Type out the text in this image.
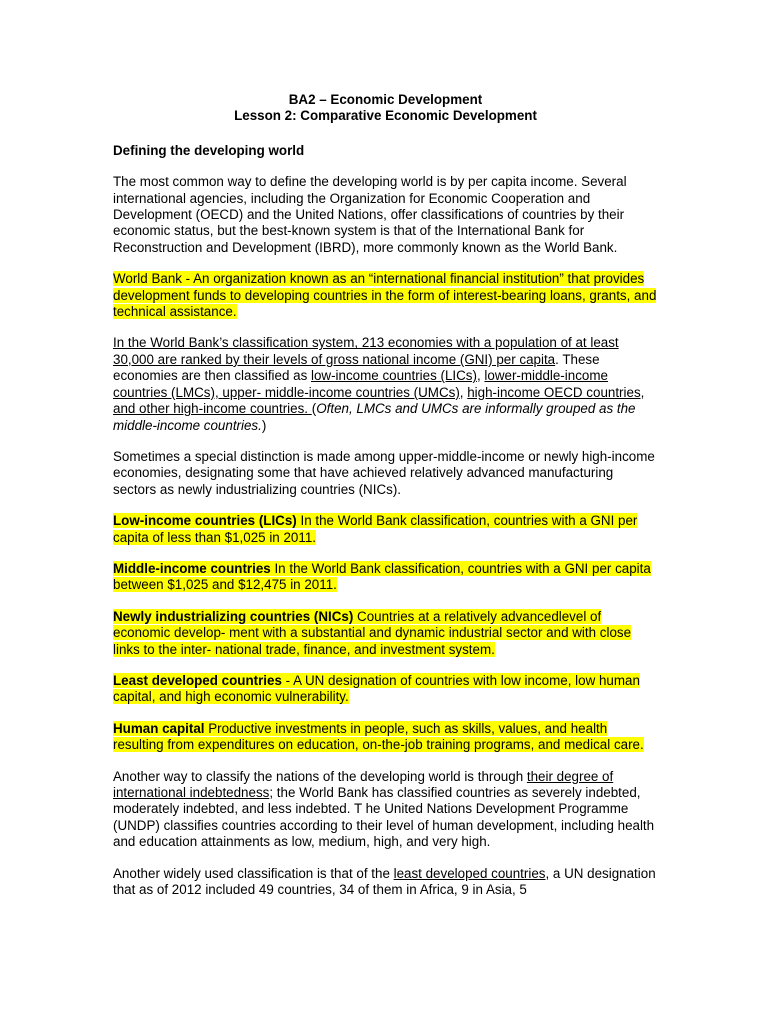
BA2 – Economic Development
Lesson 2: Comparative Economic Development
Defining the developing world

The most common way to define the developing world is by per capita income. Several international agencies, including the Organization for Economic Cooperation and Development (OECD) and the United Nations, offer classifications of countries by their economic status, but the best-known system is that of the International Bank for Reconstruction and Development (IBRD), more commonly known as the World Bank.

World Bank - An organization known as an “international financial institution” that provides development funds to developing countries in the form of interest-bearing loans, grants, and technical assistance.

In the World Bank’s classification system, 213 economies with a population of at least 30,000 are ranked by their levels of gross national income (GNI) per capita. These economies are then classified as low-income countries (LICs), lower-middle-income countries (LMCs), upper- middle-income countries (UMCs), high-income OECD countries, and other high-income countries. (Often, LMCs and UMCs are informally grouped as the middle-income countries.)

Sometimes a special distinction is made among upper-middle-income or newly high-income economies, designating some that have achieved relatively advanced manufacturing sectors as newly industrializing countries (NICs).

Low-income countries (LICs) In the World Bank classification, countries with a GNI per capita of less than $1,025 in 2011.

Middle-income countries In the World Bank classification, countries with a GNI per capita between $1,025 and $12,475 in 2011.

Newly industrializing countries (NICs) Countries at a relatively advancedlevel of economic develop- ment with a substantial and dynamic industrial sector and with close links to the inter- national trade, finance, and investment system.

Least developed countries - A UN designation of countries with low income, low human capital, and high economic vulnerability.

Human capital Productive investments in people, such as skills, values, and health resulting from expenditures on education, on-the-job training programs, and medical care.

Another way to classify the nations of the developing world is through their degree of international indebtedness; the World Bank has classified countries as severely indebted, moderately indebted, and less indebted. T he United Nations Development Programme (UNDP) classifies countries according to their level of human development, including health and education attainments as low, medium, high, and very high.

Another widely used classification is that of the least developed countries, a UN designation that as of 2012 included 49 countries, 34 of them in Africa, 9 in Asia, 5
